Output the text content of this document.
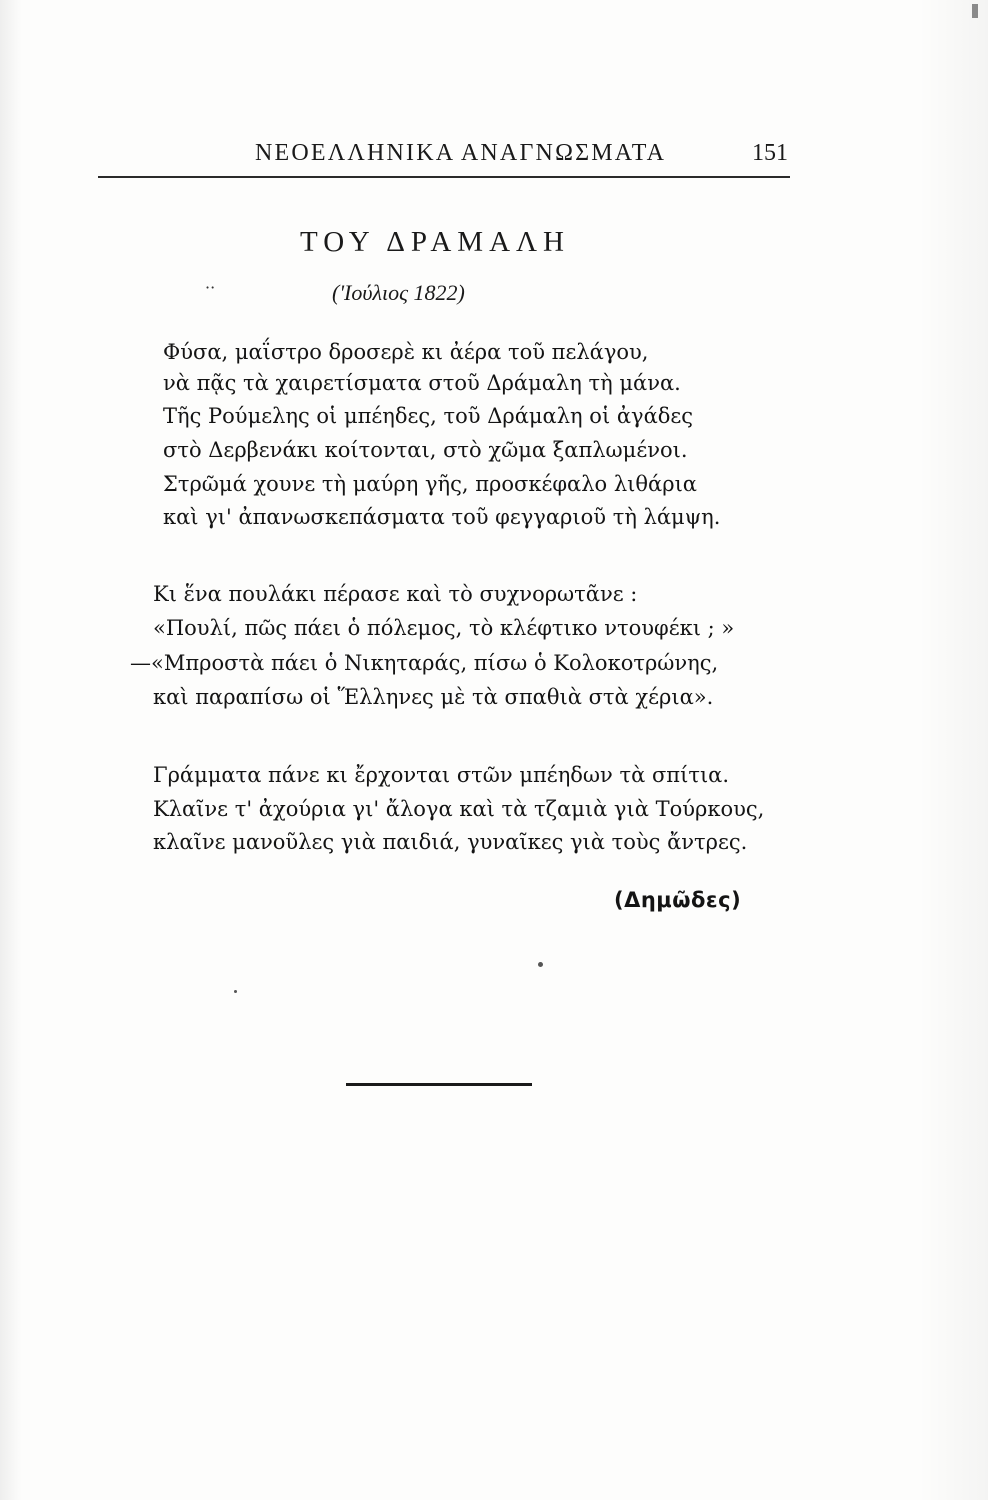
ΝΕΟΕΛΛΗΝΙΚΑ ΑΝΑΓΝΩΣΜΑΤΑ	151
ΤΟΥ ΔΡΑΜΑΛΗ
··	('Ιούλιος 1822)
Φύσα, μαΐστρο δροσερὲ κι ἀέρα τοῦ πελάγου,
νὰ πᾷς τὰ χαιρετίσματα στοῦ Δράμαλη τὴ μάνα.
Τῆς Ρούμελης οἱ μπέηδες, τοῦ Δράμαλη οἱ ἀγάδες
στὸ Δερβενάκι κοίτονται, στὸ χῶμα ξαπλωμένοι.
Στρῶμά χουνε τὴ μαύρη γῆς, προσκέφαλο λιθάρια
καὶ γι' ἀπανωσκεπάσματα τοῦ φεγγαριοῦ τὴ λάμψη.
Κι ἕνα πουλάκι πέρασε καὶ τὸ συχνορωτᾶνε :
«Πουλί, πῶς πάει ὁ πόλεμος, τὸ κλέφτικο ντουφέκι ; »
—«Μπροστὰ πάει ὁ Νικηταράς, πίσω ὁ Κολοκοτρώνης,
καὶ παραπίσω οἱ Ἕλληνες μὲ τὰ σπαθιὰ στὰ χέρια».
Γράμματα πάνε κι ἔρχονται στῶν μπέηδων τὰ σπίτια.
Κλαῖνε τ' ἀχούρια γι' ἄλογα καὶ τὰ τζαμιὰ γιὰ Τούρκους,
κλαῖνε μανοῦλες γιὰ παιδιά, γυναῖκες γιὰ τοὺς ἄντρες.
(Δημῶδες)
